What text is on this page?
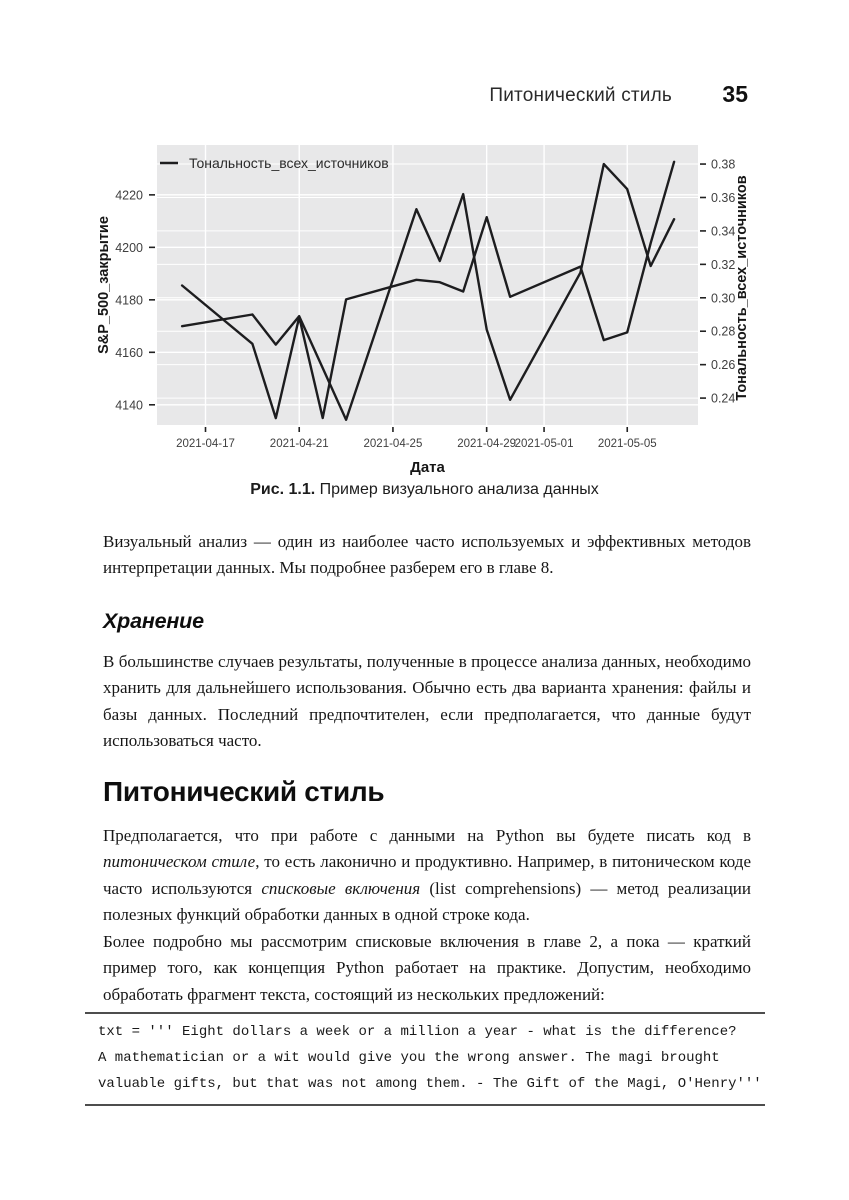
Питонический стиль 35
4140
4160
4180
4200
4220
0.24
0.26
0.28
0.30
0.32
0.34
0.36
0.38
2021-04-17	2021-04-21	2021-04-25	2021-04-29
2021-05-01 2021-05-05
S&P_500_закрытие	Тональность_всех_источников
Дата
Тональность_всех_источников
Рис. 1.1. Пример визуального анализа данных

Визуальный анализ — один из наиболее часто используемых и эффективных методов интерпретации данных. Мы подробнее разберем его в главе 8.

Хранение

В большинстве случаев результаты, полученные в процессе анализа данных, необходимо хранить для дальнейшего использования. Обычно есть два варианта хранения: файлы и базы данных. Последний предпочтителен, если предполагается, что данные будут использоваться часто.

Питонический стиль

Предполагается, что при работе с данными на Python вы будете писать код в питоническом стиле, то есть лаконично и продуктивно. Например, в питоническом коде часто используются списковые включения (list comprehensions) — метод реализации полезных функций обработки данных в одной строке кода.

Более подробно мы рассмотрим списковые включения в главе 2, а пока — краткий пример того, как концепция Python работает на практике. Допустим, необходимо обработать фрагмент текста, состоящий из нескольких предложений:

txt = ''' Eight dollars a week or a million a year - what is the difference?
A mathematician or a wit would give you the wrong answer. The magi brought
valuable gifts, but that was not among them. - The Gift of the Magi, O'Henry'''
